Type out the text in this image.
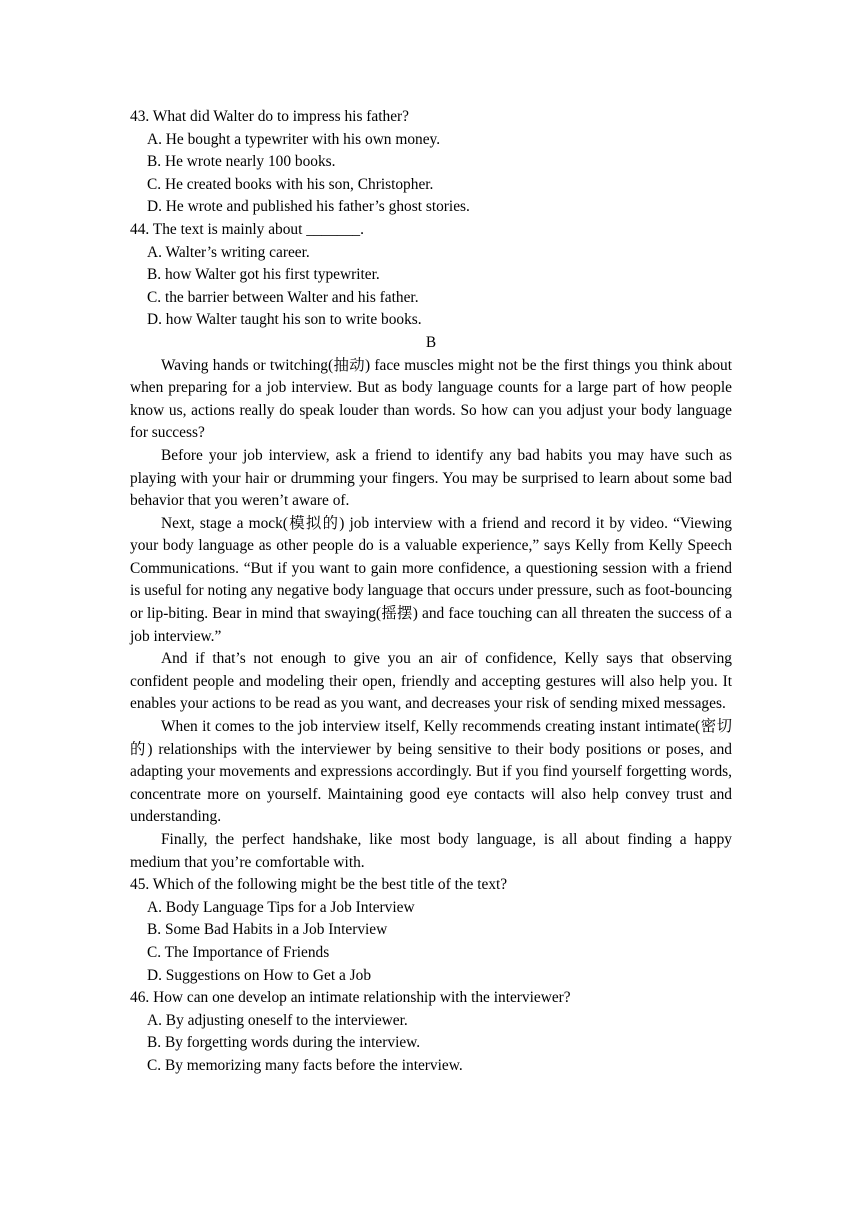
43. What did Walter do to impress his father?

A. He bought a typewriter with his own money.

B. He wrote nearly 100 books.

C. He created books with his son, Christopher.

D. He wrote and published his father’s ghost stories.

44. The text is mainly about _______.

A. Walter’s writing career.

B. how Walter got his first typewriter.

C. the barrier between Walter and his father.

D. how Walter taught his son to write books.

B

Waving hands or twitching(抽动) face muscles might not be the first things you think about when preparing for a job interview. But as body language counts for a large part of how people know us, actions really do speak louder than words. So how can you adjust your body language for success?

Before your job interview, ask a friend to identify any bad habits you may have such as playing with your hair or drumming your fingers. You may be surprised to learn about some bad behavior that you weren’t aware of.

Next, stage a mock(模拟的) job interview with a friend and record it by video. “Viewing your body language as other people do is a valuable experience,” says Kelly from Kelly Speech Communications. “But if you want to gain more confidence, a questioning session with a friend is useful for noting any negative body language that occurs under pressure, such as foot-bouncing or lip-biting. Bear in mind that swaying(摇摆) and face touching can all threaten the success of a job interview.”

And if that’s not enough to give you an air of confidence, Kelly says that observing confident people and modeling their open, friendly and accepting gestures will also help you. It enables your actions to be read as you want, and decreases your risk of sending mixed messages.

When it comes to the job interview itself, Kelly recommends creating instant intimate(密切的) relationships with the interviewer by being sensitive to their body positions or poses, and adapting your movements and expressions accordingly. But if you find yourself forgetting words, concentrate more on yourself. Maintaining good eye contacts will also help convey trust and understanding.

Finally, the perfect handshake, like most body language, is all about finding a happy medium that you’re comfortable with.

45. Which of the following might be the best title of the text?

A. Body Language Tips for a Job Interview

B. Some Bad Habits in a Job Interview

C. The Importance of Friends

D. Suggestions on How to Get a Job

46. How can one develop an intimate relationship with the interviewer?

A. By adjusting oneself to the interviewer.

B. By forgetting words during the interview.

C. By memorizing many facts before the interview.
